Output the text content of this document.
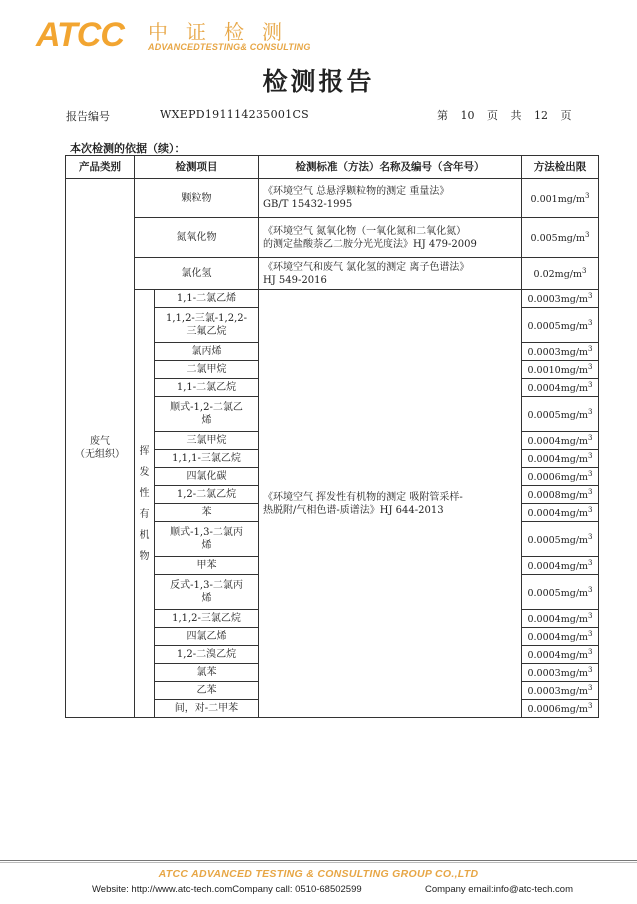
ATCC 中证检测
ADVANCEDTESTING& CONSULTING
检测报告
报告编号	WXEPD191114235001CS	第 10 页 共 12 页
本次检测的依据（续）：
产品类别	检测项目		检测标准（方法）名称及编号（含年号）	方法检出限
废气
（无组织）	颗粒物		《环境空气 总悬浮颗粒物的测定 重量法》
GB/T 15432-1995	$0.001mg/m^3$
	氮氧化物		《环境空气 氮氧化物（一氧化氮和二氧化氮）
的测定盐酸萘乙二胺分光光度法》HJ 479-2009	$0.005mg/m^3$
	氯化氢		《环境空气和废气 氯化氢的测定 离子色谱法》
HJ 549-2016	$0.02mg/m^3$

	挥发性有机物	1,1-二氯乙烯	《环境空气 挥发性有机物的测定 吸附管采样-
热脱附/气相色谱-质谱法》HJ 644-2013	$0.0003mg/m^3$
		1,1,2-三氯-1,2,2-
三氟乙烷		$0.0005mg/m^3$
		氯丙烯		$0.0003mg/m^3$
		二氯甲烷		$0.0010mg/m^3$
		1,1-二氯乙烷		$0.0004mg/m^3$
		顺式-1,2-二氯乙
烯		$0.0005mg/m^3$
		三氯甲烷		$0.0004mg/m^3$
		1,1,1-三氯乙烷		$0.0004mg/m^3$
		四氯化碳		$0.0006mg/m^3$
		1,2-二氯乙烷		$0.0008mg/m^3$
		苯		$0.0004mg/m^3$
		顺式-1,3-二氯丙
烯		$0.0005mg/m^3$
		甲苯		$0.0004mg/m^3$
		反式-1,3-二氯丙
烯		$0.0005mg/m^3$
		1,1,2-三氯乙烷		$0.0004mg/m^3$
		四氯乙烯		$0.0004mg/m^3$
		1,2-二溴乙烷		$0.0004mg/m^3$
		氯苯		$0.0003mg/m^3$
		乙苯		$0.0003mg/m^3$
		间，对-二甲苯		$0.0006mg/m^3$
ATCC ADVANCED TESTING & CONSULTING GROUP CO.,LTD
Website: http://www.atc-tech.comCompany call: 0510-68502599	Company email:info@atc-tech.com
